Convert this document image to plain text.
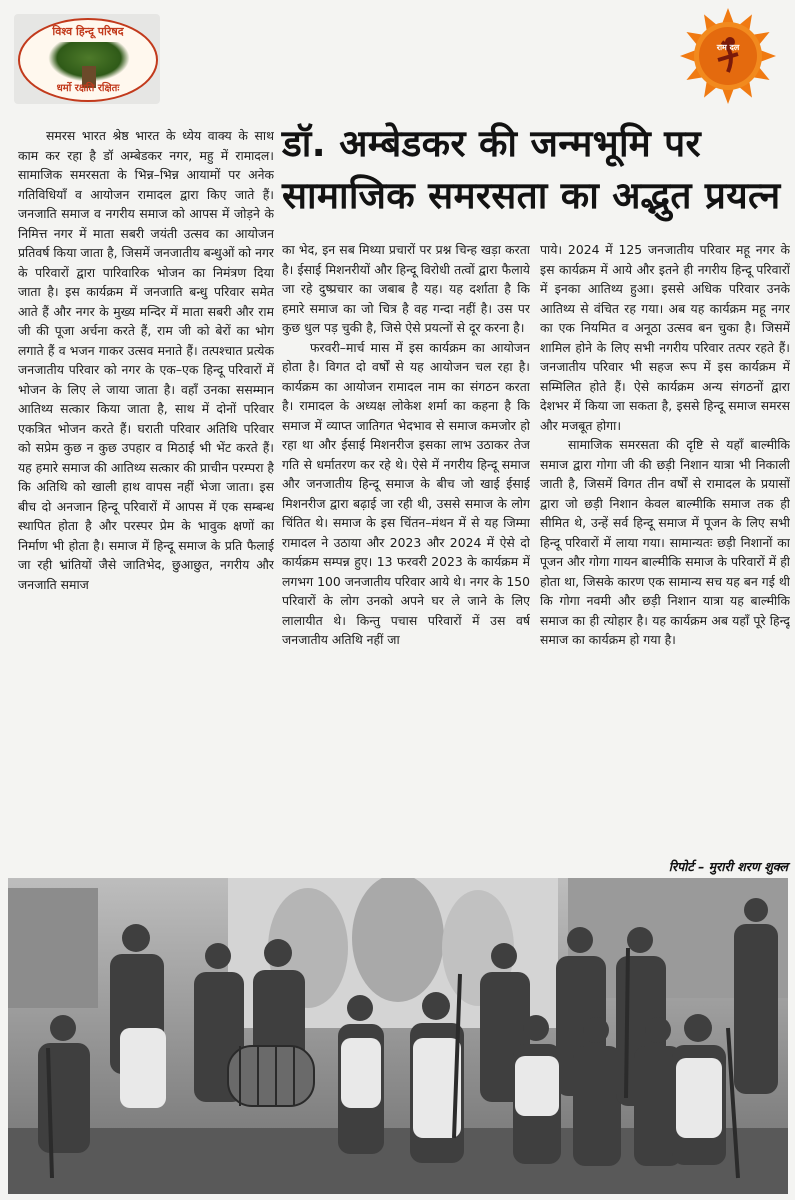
विश्व हिन्दू परिषद
धर्मो रक्षति रक्षितः
राम दल
डॉ. अम्बेडकर की जन्मभूमि पर
सामाजिक समरसता का अद्भुत प्रयत्न

समरस भारत श्रेष्ठ भारत के ध्येय वाक्य के साथ काम कर रहा है डॉ अम्बेडकर नगर, महु में रामादल। सामाजिक समरसता के भिन्न–भिन्न आयामों पर अनेक गतिविधियाँ व आयोजन रामादल द्वारा किए जाते हैं। जनजाति समाज व नगरीय समाज को आपस में जोड़ने के निमित्त नगर में माता सबरी जयंती उत्सव का आयोजन प्रतिवर्ष किया जाता है, जिसमें जनजातीय बन्धुओं को नगर के परिवारों द्वारा पारिवारिक भोजन का निमंत्रण दिया जाता है। इस कार्यक्रम में जनजाति बन्धु परिवार समेत आते हैं और नगर के मुख्य मन्दिर में माता सबरी और राम जी की पूजा अर्चना करते हैं, राम जी को बेरों का भोग लगाते हैं व भजन गाकर उत्सव मनाते हैं। तत्पश्चात प्रत्येक जनजातीय परिवार को नगर के एक–एक हिन्दू परिवारों में भोजन के लिए ले जाया जाता है। वहाँ उनका ससम्मान आतिथ्य सत्कार किया जाता है, साथ में दोनों परिवार एकत्रित भोजन करते हैं। घराती परिवार अतिथि परिवार को सप्रेम कुछ न कुछ उपहार व मिठाई भी भेंट करते हैं। यह हमारे समाज की आतिथ्य सत्कार की प्राचीन परम्परा है कि अतिथि को खाली हाथ वापस नहीं भेजा जाता। इस बीच दो अनजान हिन्दू परिवारों में आपस में एक सम्बन्ध स्थापित होता है और परस्पर प्रेम के भावुक क्षणों का निर्माण भी होता है। समाज में हिन्दू समाज के प्रति फैलाई जा रही भ्रांतियों जैसे जातिभेद, छुआछुत, नगरीय और जनजाति समाज

का भेद, इन सब मिथ्या प्रचारों पर प्रश्न चिन्ह खड़ा करता है। ईसाई मिशनरीयों और हिन्दू विरोधी तत्वों द्वारा फैलाये जा रहे दुष्प्रचार का जबाब है यह। यह दर्शाता है कि हमारे समाज का जो चित्र है वह गन्दा नहीं है। उस पर कुछ धुल पड़ चुकी है, जिसे ऐसे प्रयत्नों से दूर करना है।

फरवरी–मार्च मास में इस कार्यक्रम का आयोजन होता है। विगत दो वर्षों से यह आयोजन चल रहा है। कार्यक्रम का आयोजन रामादल नाम का संगठन करता है। रामादल के अध्यक्ष लोकेश शर्मा का कहना है कि समाज में व्याप्त जातिगत भेदभाव से समाज कमजोर हो रहा था और ईसाई मिशनरीज इसका लाभ उठाकर तेज गति से धर्मातरण कर रहे थे। ऐसे में नगरीय हिन्दू समाज और जनजातीय हिन्दू समाज के बीच जो खाई ईसाई मिशनरीज द्वारा बढ़ाई जा रही थी, उससे समाज के लोग चिंतित थे। समाज के इस चिंतन–मंथन में से यह जिम्मा रामादल ने उठाया और 2023 और 2024 में ऐसे दो कार्यक्रम सम्पन्न हुए। 13 फरवरी 2023 के कार्यक्रम में लगभग 100 जनजातीय परिवार आये थे। नगर के 150 परिवारों के लोग उनको अपने घर ले जाने के लिए लालायीत थे। किन्तु पचास परिवारों में उस वर्ष जनजातीय अतिथि नहीं जा

पाये। 2024 में 125 जनजातीय परिवार महू नगर के इस कार्यक्रम में आये और इतने ही नगरीय हिन्दू परिवारों में इनका आतिथ्य हुआ। इससे अधिक परिवार उनके आतिथ्य से वंचित रह गया। अब यह कार्यक्रम महू नगर का एक नियमित व अनूठा उत्सव बन चुका है। जिसमें शामिल होने के लिए सभी नगरीय परिवार तत्पर रहते हैं। जनजातीय परिवार भी सहज रूप में इस कार्यक्रम में सम्मिलित होते हैं। ऐसे कार्यक्रम अन्य संगठनों द्वारा देशभर में किया जा सकता है, इससे हिन्दू समाज समरस और मजबूत होगा।

सामाजिक समरसता की दृष्टि से यहाँ बाल्मीकि समाज द्वारा गोगा जी की छड़ी निशान यात्रा भी निकाली जाती है, जिसमें विगत तीन वर्षों से रामादल के प्रयासों द्वारा जो छड़ी निशान केवल बाल्मीकि समाज तक ही सीमित थे, उन्हें सर्व हिन्दू समाज में पूजन के लिए सभी हिन्दू परिवारों में लाया गया। सामान्यतः छड़ी निशानों का पूजन और गोगा गायन बाल्मीकि समाज के परिवारों में ही होता था, जिसके कारण एक सामान्य सच यह बन गई थी कि गोगा नवमी और छड़ी निशान यात्रा यह बाल्मीकि समाज का ही त्योहार है। यह कार्यक्रम अब यहाँ पूरे हिन्दू समाज का कार्यक्रम हो गया है।

रिपोर्ट – मुरारी शरण शुक्ल
